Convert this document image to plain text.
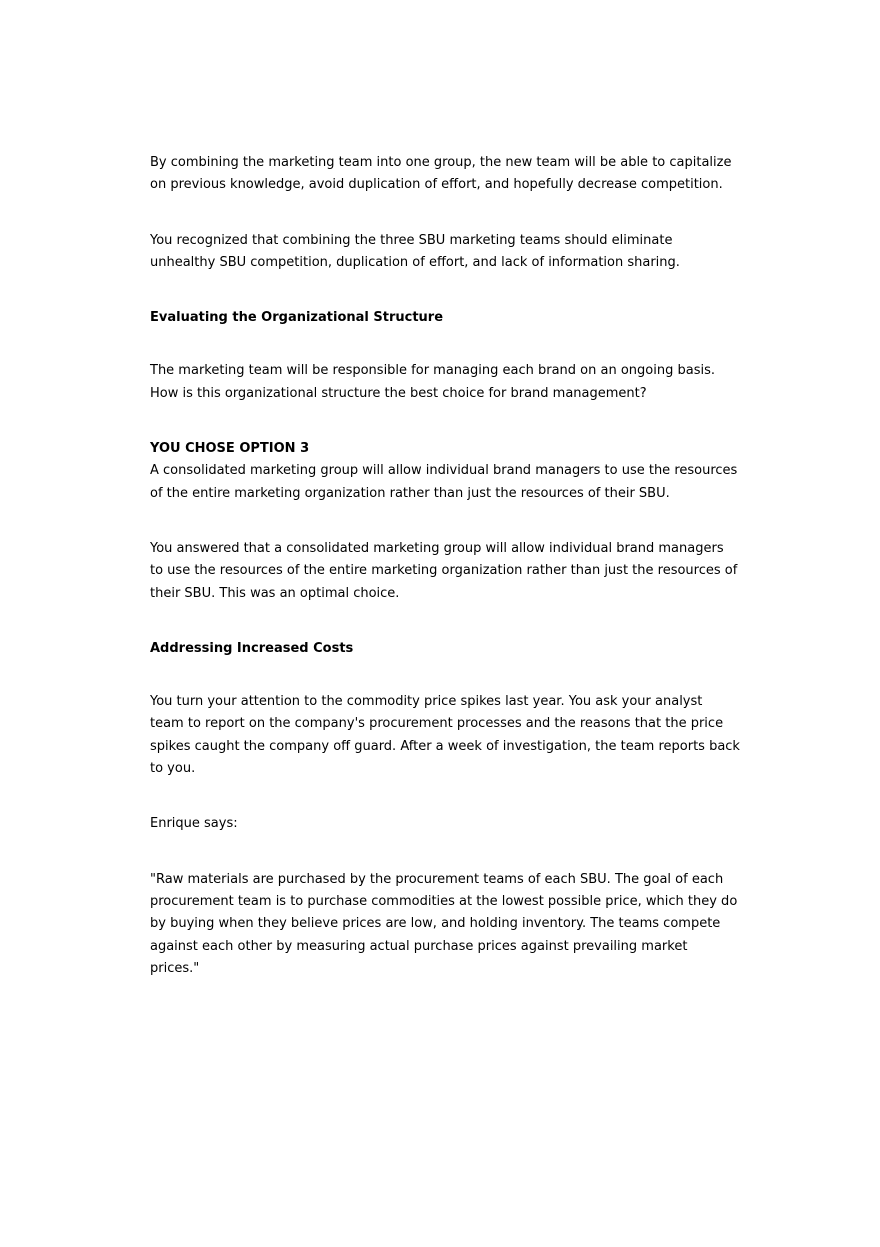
By combining the marketing team into one group, the new team will be able to capitalize on previous knowledge, avoid duplication of effort, and hopefully decrease competition.

You recognized that combining the three SBU marketing teams should eliminate unhealthy SBU competition, duplication of effort, and lack of information sharing.

Evaluating the Organizational Structure

The marketing team will be responsible for managing each brand on an ongoing basis. How is this organizational structure the best choice for brand management?

YOU CHOSE OPTION 3

A consolidated marketing group will allow individual brand managers to use the resources of the entire marketing organization rather than just the resources of their SBU.

You answered that a consolidated marketing group will allow individual brand managers to use the resources of the entire marketing organization rather than just the resources of their SBU. This was an optimal choice.

Addressing Increased Costs

You turn your attention to the commodity price spikes last year. You ask your analyst team to report on the company's procurement processes and the reasons that the price spikes caught the company off guard. After a week of investigation, the team reports back to you.

Enrique says:

"Raw materials are purchased by the procurement teams of each SBU. The goal of each procurement team is to purchase commodities at the lowest possible price, which they do by buying when they believe prices are low, and holding inventory. The teams compete against each other by measuring actual purchase prices against prevailing market prices."
